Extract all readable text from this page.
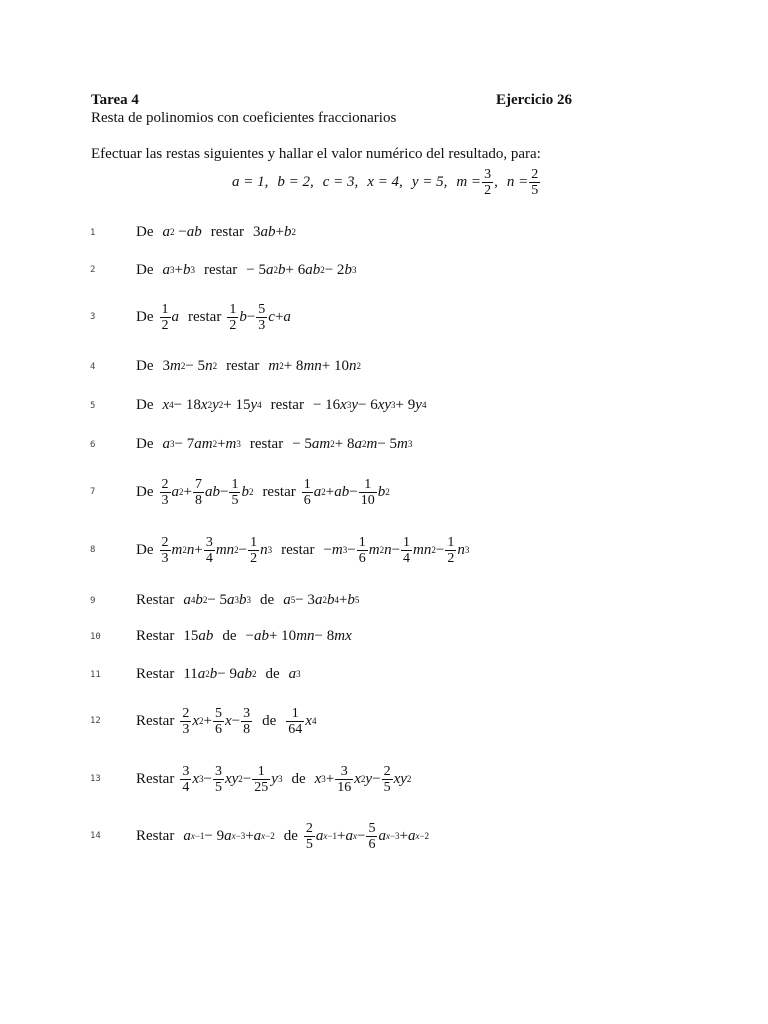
Tarea 4	Ejercicio 26
Resta de polinomios con coeficientes fraccionarios
Efectuar las restas siguientes y hallar el valor numérico del resultado, para:
a = 1, b = 2, c = 3, x = 4, y = 5, $m = \frac{3}{2}$ , $n = \frac{2}{5}$
1
2
3
4
5
6
7
8
9
10
11
12
13
14
De a 2 − ab restar 3 ab + b 2
De a 3 + b 3 restar − 5 a 2 b + 6 ab 2 − 2 b 3
De 1
2
a restar 1
2
b − 5
3
c + a
De 3 m 2 − 5 n 2 restar m 2 + 8 mn + 10 n 2
De x 4 − 18 x 2 y 2 + 15 y 4 restar − 16 x 3 y − 6 xy 3 + 9 y 4
De a 3 − 7 am 2 + m 3 restar − 5 am 2 + 8 a 2 m − 5 m 3
De 2
3
a 2 + 7
8
ab − 1
5
b 2 restar 1
6
a 2 + ab − 1
10
b 2
De 2
3
m 2 n + 3
4
mn 2 − 1
2
n 3 restar − m 3 − 1
6
m 2 n − 1
4
mn 2 − 1
2
n 3
Restar a 4 b 2 − 5 a 3 b 3 de a 5 − 3 a 2 b 4 + b 5
Restar 15 ab de − ab + 10 mn − 8 mx
Restar 11 a 2 b − 9 ab 2 de a 3
Restar 2
3
x 2 + 5
6
x − 3
8
de 1
64
x 4
Restar 3
4
x 3 − 3
5
xy 2 − 1
25
y 3 de x 3 + 3
16
x 2 y − 2
5
xy 2
Restar a x −1 − 9 a x −3 + a x −2 de 2
5
a x −1 + a x − 5
6
a x −3 + a x −2
